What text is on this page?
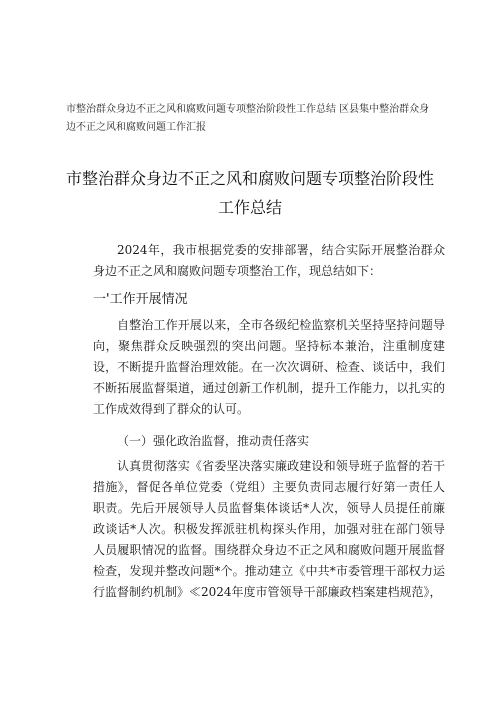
市整治群众身边不正之风和腐败问题专项整治阶段性工作总结 区县集中整治群众身边不正之风和腐败问题工作汇报
市整治群众身边不正之风和腐败问题专项整治阶段性工作总结

2024年，我市根据党委的安排部署，结合实际开展整治群众身边不正之风和腐败问题专项整治工作，现总结如下：

一'工作开展情况

自整治工作开展以来，全市各级纪检监察机关坚持坚持问题导向，聚焦群众反映强烈的突出问题。坚持标本兼治，注重制度建设，不断提升监督治理效能。在一次次调研、检查、谈话中，我们不断拓展监督渠道，通过创新工作机制，提升工作能力，以扎实的工作成效得到了群众的认可。

（一）强化政治监督，推动责任落实

认真贯彻落实《省委坚决落实廉政建设和领导班子监督的若干措施》，督促各单位党委（党组）主要负责同志履行好第一责任人职责。先后开展领导人员监督集体谈话*人次，领导人员提任前廉政谈话*人次。积极发挥派驻机构探头作用，加强对驻在部门领导人员履职情况的监督。围绕群众身边不正之风和腐败问题开展监督检查，发现并整改问题*个。推动建立《中共*市委管理干部权力运行监督制约机制》≪2024年度市管领导干部廉政档案建档规范》，
